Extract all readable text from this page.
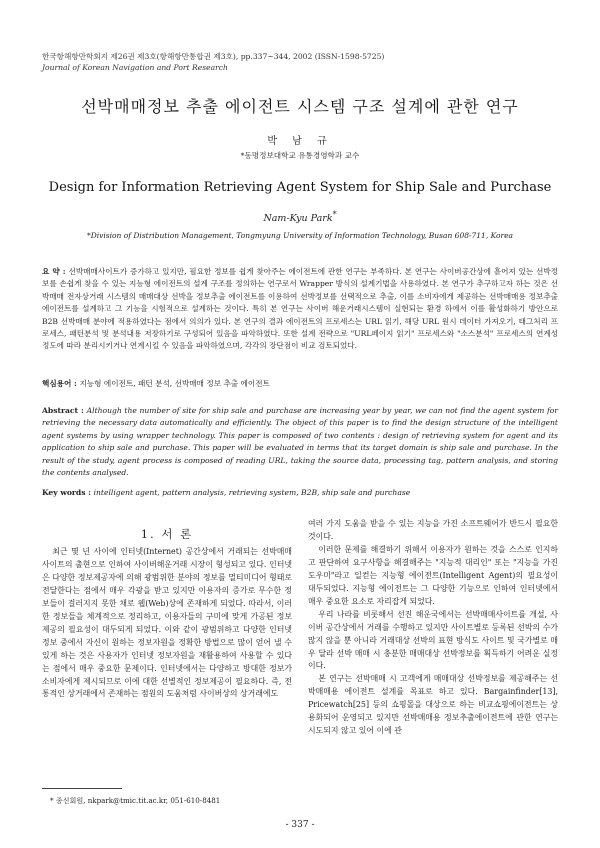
한국항해항만학회지 제26권 제3호(항해항만통합권 제3호), pp.337~344, 2002 (ISSN-1598-5725)
Journal of Korean Navigation and Port Research
선박매매정보 추출 에이전트 시스템 구조 설계에 관한 연구
박 남 규
*동명정보대학교 유통경영학과 교수
Design for Information Retrieving Agent System for Ship Sale and Purchase
Nam-Kyu Park*
*Division of Distribution Management, Tongmyung University of Information Technology, Busan 608-711, Korea
요 약 : 선박매매사이트가 증가하고 있지만, 필요한 정보를 쉽게 찾아주는 에이전트에 관한 연구는 부족하다. 본 연구는 사이버공간상에 흩어져 있는 선박정보를 손쉽게 찾을 수 있는 지능형 에이전트의 설계 구조를 정의하는 연구로서 Wrapper 방식의 설계기법을 사용하였다. 본 연구가 추구하고자 하는 것은 선박매매 전자상거래 시스템의 매매대상 선박을 정보추출 에이전트를 이용하여 선박정보를 선택적으로 추출, 이를 소비자에게 제공하는 선박매매용 정보추출 에이전트를 설계하고 그 기능을 시험적으로 설계하는 것이다. 특히 본 연구는 사이버 해운거래시스템이 실현되는 환경 하에서 이를 활성화하기 방안으로 B2B 선박매매 분야에 적용하였다는 점에서 의의가 있다. 본 연구의 결과 에이전트의 프로세스는 URL 읽기, 해당 URL 원시 데이터 가져오기, 태그처리 프로세스, 패턴분석 및 분석내용 저장하기로 구성되어 있음을 파악하였다. 또한 설계 전략으로 "URL페이지 읽기" 프로세스와 "소스분석" 프로세스의 연계성 정도에 따라 분리시키거나 연계시킬 수 있음을 파악하였으며, 각각의 장단점이 비교 검토되었다.
핵심용어 : 지능형 에이전트, 패턴 분석, 선박매매 정보 추출 에이전트
Abstract : Although the number of site for ship sale and purchase are increasing year by year, we can not find the agent system for retrieving the necessary data automatically and efficiently. The object of this paper is to find the design structure of the intelligent agent systems by using wrapper technology. This paper is composed of two contents : design of retrieving system for agent and its application to ship sale and purchase. This paper will be evaluated in terms that its target domain is ship sale and purchase. In the result of the study, agent process is composed of reading URL, taking the source data, processing tag, pattern analysis, and storing the contents analysed.
Key words : intelligent agent, pattern analysis, retrieving system, B2B, ship sale and purchase
1. 서 론

최근 몇 년 사이에 인터넷(Internet) 공간상에서 거래되는 선박매매 사이트의 출현으로 인하여 사이버해운거래 시장이 형성되고 있다. 인터넷은 다양한 정보제공자에 의해 광범위한 분야의 정보를 멀티미디어 형태로 전달한다는 점에서 매우 각광을 받고 있지만 이용자의 증가로 무수한 정보들이 걸러지지 못한 채로 웹(Web)상에 존재하게 되었다. 따라서, 이러한 정보들을 체계적으로 정리하고, 이용자들의 구미에 맞게 가공된 정보 제공의 필요성이 대두되게 되었다. 이와 같이 광범위하고 다양한 인터넷 정보 중에서 자신이 원하는 정보자원을 정확한 방법으로 많이 얻어 낼 수 있게 하는 것은 사용자가 인터넷 정보자원을 재활용하여 사용할 수 있다는 점에서 매우 중요한 문제이다. 인터넷에서는 다양하고 방대한 정보가 소비자에게 제시되므로 이에 대한 선별적인 정보제공이 필요하다. 즉, 전통적인 상거래에서 존재하는 점원의 도움처럼 사이버상의 상거래에도

여러 가지 도움을 받을 수 있는 지능을 가진 소프트웨어가 반드시 필요한 것이다.

이러한 문제를 해결하기 위해서 이용자가 원하는 것을 스스로 인지하고 판단하여 요구사항을 해결해주는 "지능적 대리인" 또는 "지능을 가진 도우미"라고 일컫는 지능형 에이전트(Intelligent Agent)의 필요성이 대두되었다. 지능형 에이전트는 그 다양한 기능으로 인하여 인터넷에서 매우 중요한 요소로 자리잡게 되었다.

우리 나라를 비롯해서 선진 해운국에서는 선박매매사이트를 개설, 사이버 공간상에서 거래를 수행하고 있지만 사이트별로 등록된 선박의 수가 많지 않을 뿐 아니라 거래대상 선박의 표현 방식도 사이트 및 국가별로 매우 달라 선박 매매 시 충분한 매매대상 선박정보를 획득하기 어려운 실정이다.

본 연구는 선박매매 시 고객에게 매매대상 선박정보를 제공해주는 선박매매용 에이전트 설계를 목표로 하고 있다. Bargainfinder[13], Pricewatch[25] 등의 쇼핑몰을 대상으로 하는 비교쇼핑에이전트는 상용화되어 운영되고 있지만 선박매매용 정보추출에이전트에 관한 연구는 시도되지 않고 있어 이에 관

* 종신회원, nkpark@tmic.tit.ac.kr, 051-610-8481
- 337 -
